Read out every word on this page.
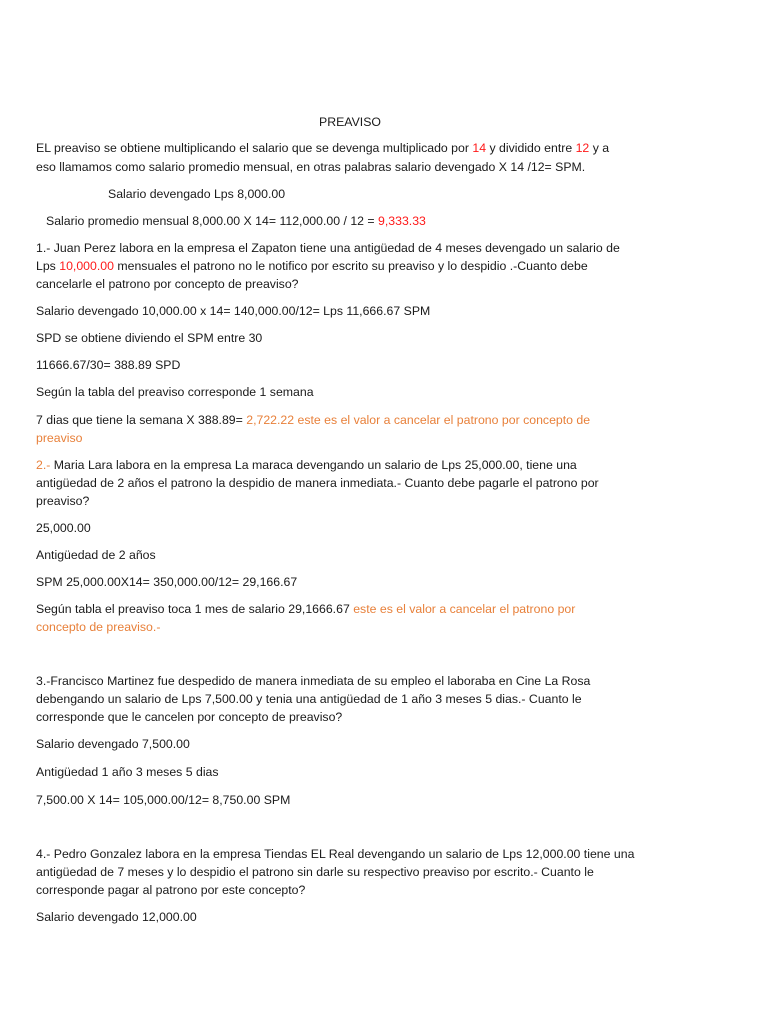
PREAVISO
EL preaviso se obtiene multiplicando el salario que se devenga multiplicado por 14 y dividido entre 12 y a
eso llamamos como salario promedio mensual, en otras palabras salario devengado X 14 /12= SPM.
Salario devengado Lps 8,000.00
Salario promedio mensual 8,000.00 X 14= 112,000.00 / 12 = 9,333.33
1.- Juan Perez labora en la empresa el Zapaton tiene una antigüedad de 4 meses devengado un salario de
Lps 10,000.00 mensuales el patrono no le notifico por escrito su preaviso y lo despidio .-Cuanto debe
cancelarle el patrono por concepto de preaviso?
Salario devengado 10,000.00 x 14= 140,000.00/12= Lps 11,666.67 SPM
SPD se obtiene diviendo el SPM entre 30
11666.67/30= 388.89 SPD
Según la tabla del preaviso corresponde 1 semana
7 dias que tiene la semana X 388.89= 2,722.22 este es el valor a cancelar el patrono por concepto de
preaviso
2.- Maria Lara labora en la empresa La maraca devengando un salario de Lps 25,000.00, tiene una
antigüedad de 2 años el patrono la despidio de manera inmediata.- Cuanto debe pagarle el patrono por
preaviso?
25,000.00
Antigüedad de 2 años
SPM 25,000.00X14= 350,000.00/12= 29,166.67
Según tabla el preaviso toca 1 mes de salario 29,1666.67 este es el valor a cancelar el patrono por
concepto de preaviso.-
3.-Francisco Martinez fue despedido de manera inmediata de su empleo el laboraba en Cine La Rosa
debengando un salario de Lps 7,500.00 y tenia una antigüedad de 1 año 3 meses 5 dias.- Cuanto le
corresponde que le cancelen por concepto de preaviso?
Salario devengado 7,500.00
Antigüedad 1 año 3 meses 5 dias
7,500.00 X 14= 105,000.00/12= 8,750.00 SPM
4.- Pedro Gonzalez labora en la empresa Tiendas EL Real devengando un salario de Lps 12,000.00 tiene una
antigüedad de 7 meses y lo despidio el patrono sin darle su respectivo preaviso por escrito.- Cuanto le
corresponde pagar al patrono por este concepto?
Salario devengado 12,000.00
